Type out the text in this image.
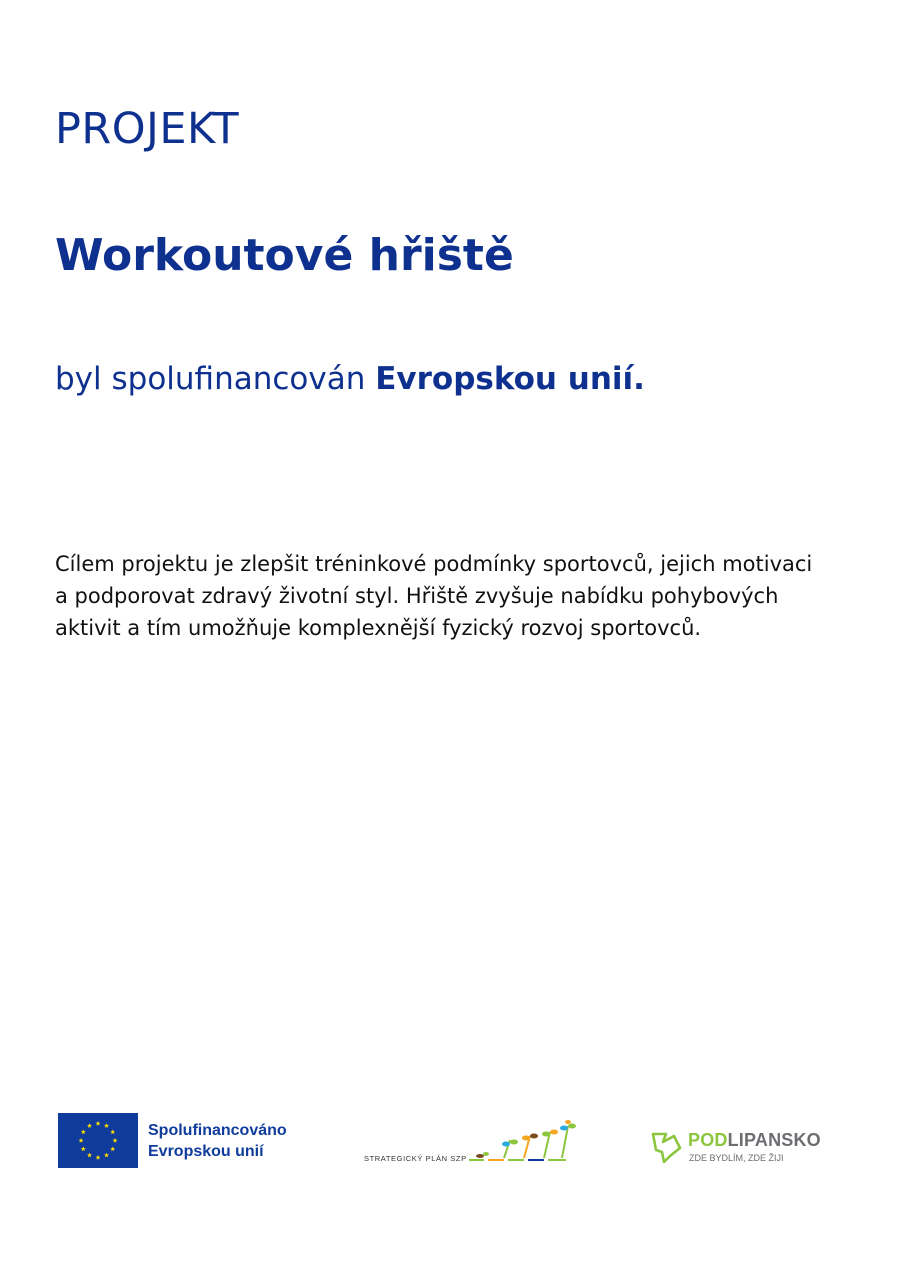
PROJEKT
Workoutové hřiště
byl spolufinancován Evropskou unií.
Cílem projektu je zlepšit tréninkové podmínky sportovců, jejich motivaci
a podporovat zdravý životní styl. Hřiště zvyšuje nabídku pohybových
aktivit a tím umožňuje komplexnější fyzický rozvoj sportovců.
Spolufinancováno
Evropskou unií	STRATEGICKÝ PLÁN SZP
PODLIPANSKO
ZDE BYDLÍM, ZDE ŽIJI
